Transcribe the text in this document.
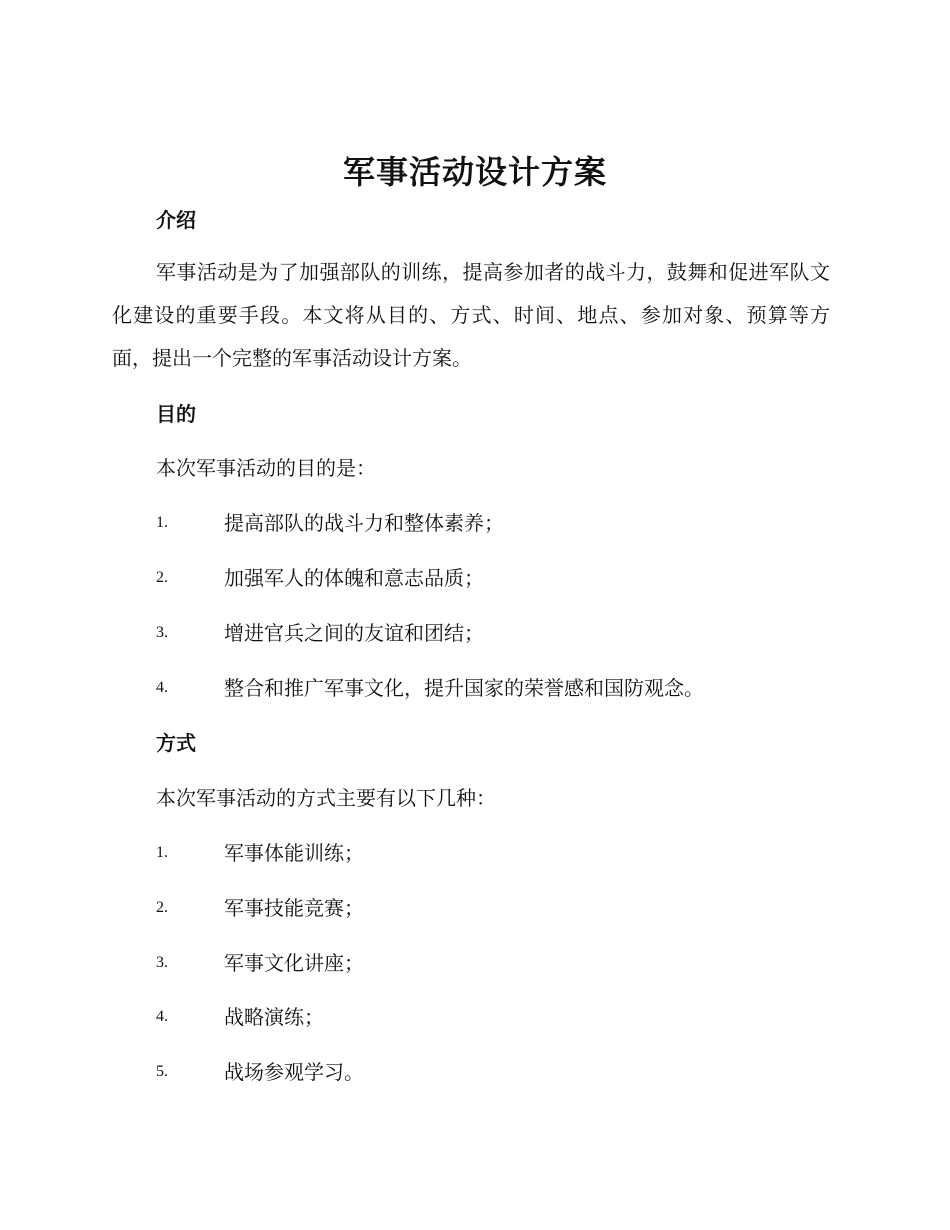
军事活动设计方案
介绍

军事活动是为了加强部队的训练，提高参加者的战斗力，鼓舞和促进军队文化建设的重要手段。本文将从目的、方式、时间、地点、参加对象、预算等方面，提出一个完整的军事活动设计方案。

目的
本次军事活动的目的是：
1.	提高部队的战斗力和整体素养；
2.	加强军人的体魄和意志品质；
3.	增进官兵之间的友谊和团结；
4.	整合和推广军事文化，提升国家的荣誉感和国防观念。
方式
本次军事活动的方式主要有以下几种：
1.	军事体能训练；
2.	军事技能竞赛；
3.	军事文化讲座；
4.	战略演练；
5.	战场参观学习。
